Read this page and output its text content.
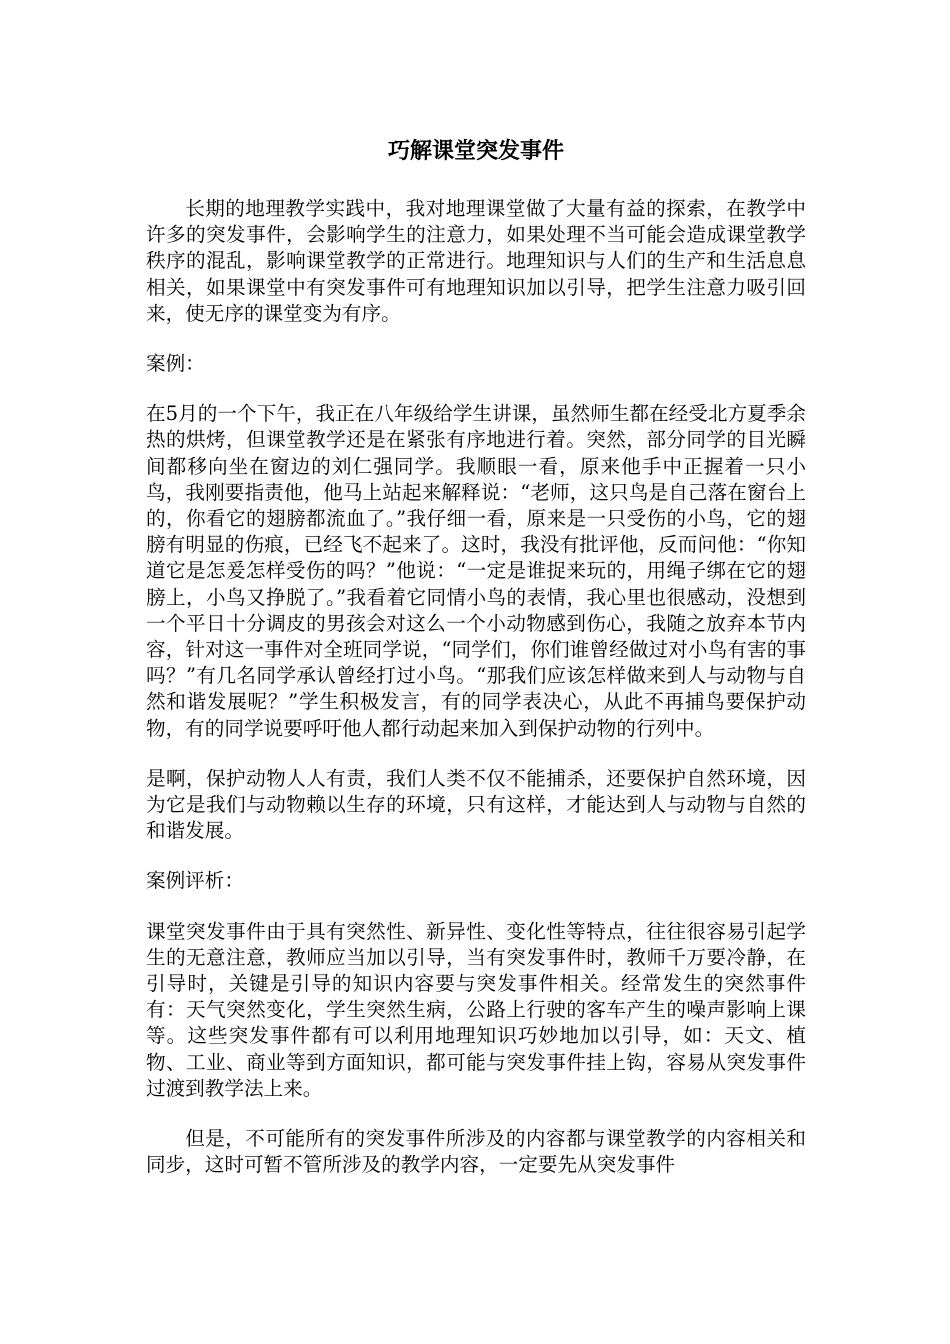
巧解课堂突发事件

长期的地理教学实践中，我对地理课堂做了大量有益的探索，在教学中许多的突发事件，会影响学生的注意力，如果处理不当可能会造成课堂教学秩序的混乱，影响课堂教学的正常进行。地理知识与人们的生产和生活息息相关，如果课堂中有突发事件可有地理知识加以引导，把学生注意力吸引回来，使无序的课堂变为有序。

案例：

在5月的一个下午，我正在八年级给学生讲课，虽然师生都在经受北方夏季余热的烘烤，但课堂教学还是在紧张有序地进行着。突然，部分同学的目光瞬间都移向坐在窗边的刘仁强同学。我顺眼一看，原来他手中正握着一只小鸟，我刚要指责他，他马上站起来解释说：“老师，这只鸟是自己落在窗台上的，你看它的翅膀都流血了。”我仔细一看，原来是一只受伤的小鸟，它的翅膀有明显的伤痕，已经飞不起来了。这时，我没有批评他，反而问他：“你知道它是怎爰怎样受伤的吗？”他说：“一定是谁捉来玩的，用绳子绑在它的翅膀上，小鸟又挣脱了。”我看着它同情小鸟的表情，我心里也很感动，没想到一个平日十分调皮的男孩会对这么一个小动物感到伤心，我随之放弃本节内容，针对这一事件对全班同学说，“同学们，你们谁曾经做过对小鸟有害的事吗？”有几名同学承认曾经打过小鸟。“那我们应该怎样做来到人与动物与自然和谐发展呢？”学生积极发言，有的同学表决心，从此不再捕鸟要保护动物，有的同学说要呼吁他人都行动起来加入到保护动物的行列中。

是啊，保护动物人人有责，我们人类不仅不能捕杀，还要保护自然环境，因为它是我们与动物赖以生存的环境，只有这样，才能达到人与动物与自然的和谐发展。

案例评析：

课堂突发事件由于具有突然性、新异性、变化性等特点，往往很容易引起学生的无意注意，教师应当加以引导，当有突发事件时，教师千万要冷静，在引导时，关键是引导的知识内容要与突发事件相关。经常发生的突然事件有：天气突然变化，学生突然生病，公路上行驶的客车产生的噪声影响上课等。这些突发事件都有可以利用地理知识巧妙地加以引导，如：天文、植物、工业、商业等到方面知识，都可能与突发事件挂上钩，容易从突发事件过渡到教学法上来。

但是，不可能所有的突发事件所涉及的内容都与课堂教学的内容相关和同步，这时可暂不管所涉及的教学内容，一定要先从突发事件
